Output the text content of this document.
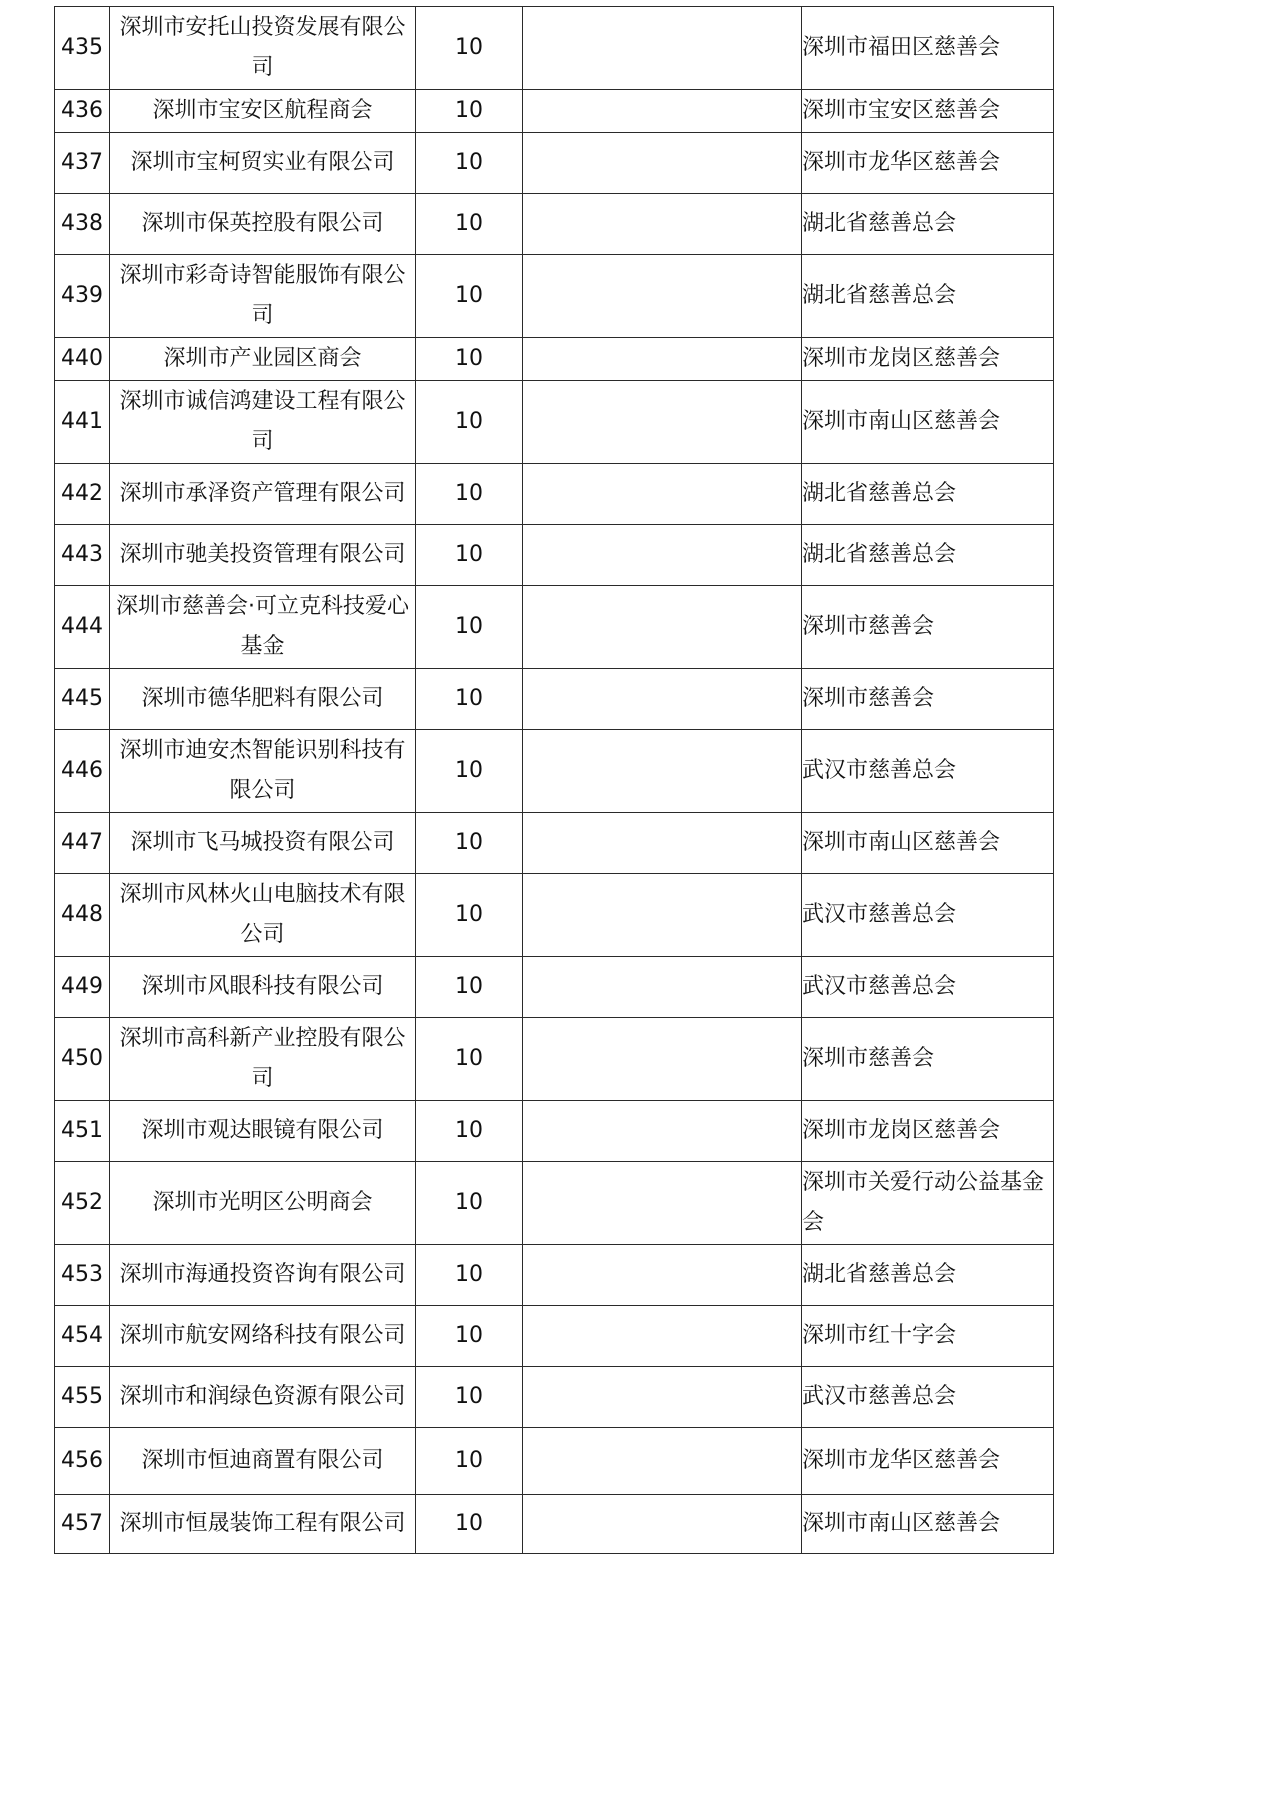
435	深圳市安托山投资发展有限公司	10		深圳市福田区慈善会
436	深圳市宝安区航程商会	10		深圳市宝安区慈善会
437	深圳市宝柯贸实业有限公司	10		深圳市龙华区慈善会
438	深圳市保英控股有限公司	10		湖北省慈善总会
439	深圳市彩奇诗智能服饰有限公司	10		湖北省慈善总会
440	深圳市产业园区商会	10		深圳市龙岗区慈善会
441	深圳市诚信鸿建设工程有限公司	10		深圳市南山区慈善会
442	深圳市承泽资产管理有限公司	10		湖北省慈善总会
443	深圳市驰美投资管理有限公司	10		湖北省慈善总会
444	深圳市慈善会·可立克科技爱心基金	10		深圳市慈善会
445	深圳市德华肥料有限公司	10		深圳市慈善会
446	深圳市迪安杰智能识别科技有限公司	10		武汉市慈善总会
447	深圳市飞马城投资有限公司	10		深圳市南山区慈善会
448	深圳市风林火山电脑技术有限公司	10		武汉市慈善总会
449	深圳市风眼科技有限公司	10		武汉市慈善总会
450	深圳市高科新产业控股有限公司	10		深圳市慈善会
451	深圳市观达眼镜有限公司	10		深圳市龙岗区慈善会
452	深圳市光明区公明商会	10		深圳市关爱行动公益基金会
453	深圳市海通投资咨询有限公司	10		湖北省慈善总会
454	深圳市航安网络科技有限公司	10		深圳市红十字会
455	深圳市和润绿色资源有限公司	10		武汉市慈善总会
456	深圳市恒迪商置有限公司	10		深圳市龙华区慈善会
457	深圳市恒晟装饰工程有限公司	10		深圳市南山区慈善会
